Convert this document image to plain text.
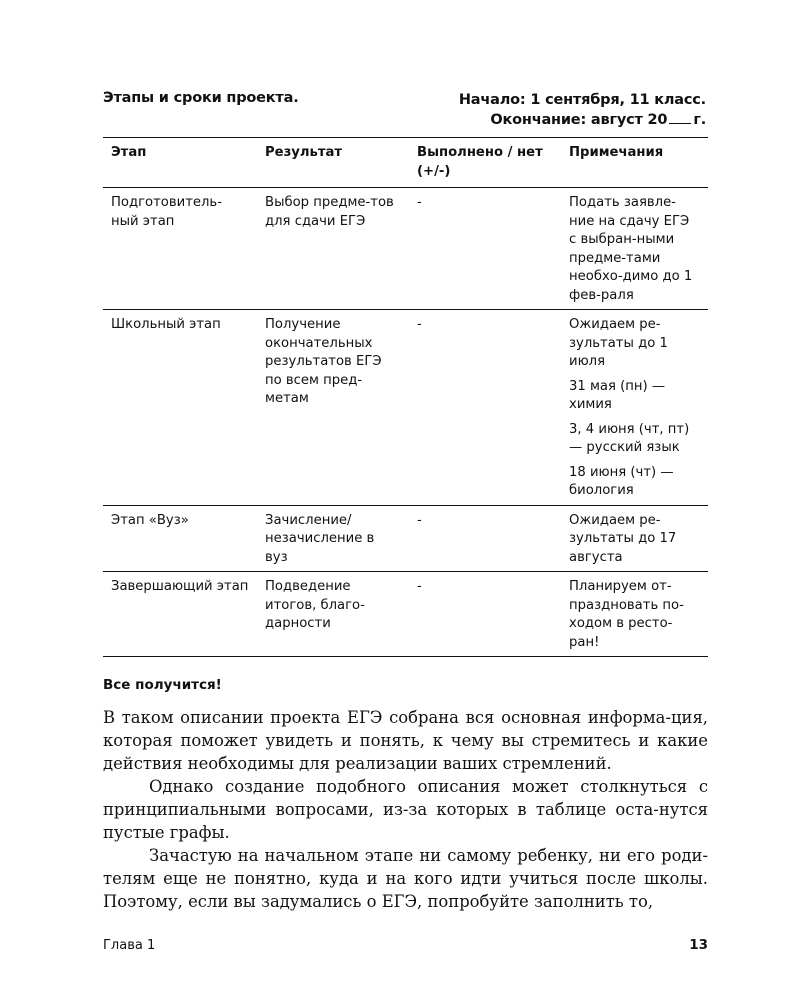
Этапы и сроки проекта.	Начало: 1 сентября, 11 класс.
Окончание: август 20 г.
Этап	Результат	Выполнено / нет (+/-)	Примечания
Подготовитель-ный этап	Выбор предме-тов для сдачи ЕГЭ	-	Подать заявле-ние на сдачу ЕГЭ с выбран-ными предме-тами необхо-димо до 1 фев-раля

Школьный этап	Получение окончательных результатов ЕГЭ по всем пред-метам	-	Ожидаем ре-зультаты до 1 июля
31 мая (пн) — химия
3, 4 июня (чт, пт) — русский язык
18 июня (чт) — биология

Этап «Вуз»	Зачисление/ незачисление в вуз	-	Ожидаем ре-зультаты до 17 августа

Завершающий этап	Подведение итогов, благо-дарности	-	Планируем от-праздновать по-ходом в ресто-ран!
Все получится!

В таком описании проекта ЕГЭ собрана вся основная информа-ция, которая поможет увидеть и понять, к чему вы стремитесь и какие действия необходимы для реализации ваших стремлений.

Однако создание подобного описания может столкнуться с принципиальными вопросами, из-за которых в таблице оста-нутся пустые графы.

Зачастую на начальном этапе ни самому ребенку, ни его роди-телям еще не понятно, куда и на кого идти учиться после школы. Поэтому, если вы задумались о ЕГЭ, попробуйте заполнить то,

Глава 1	13
